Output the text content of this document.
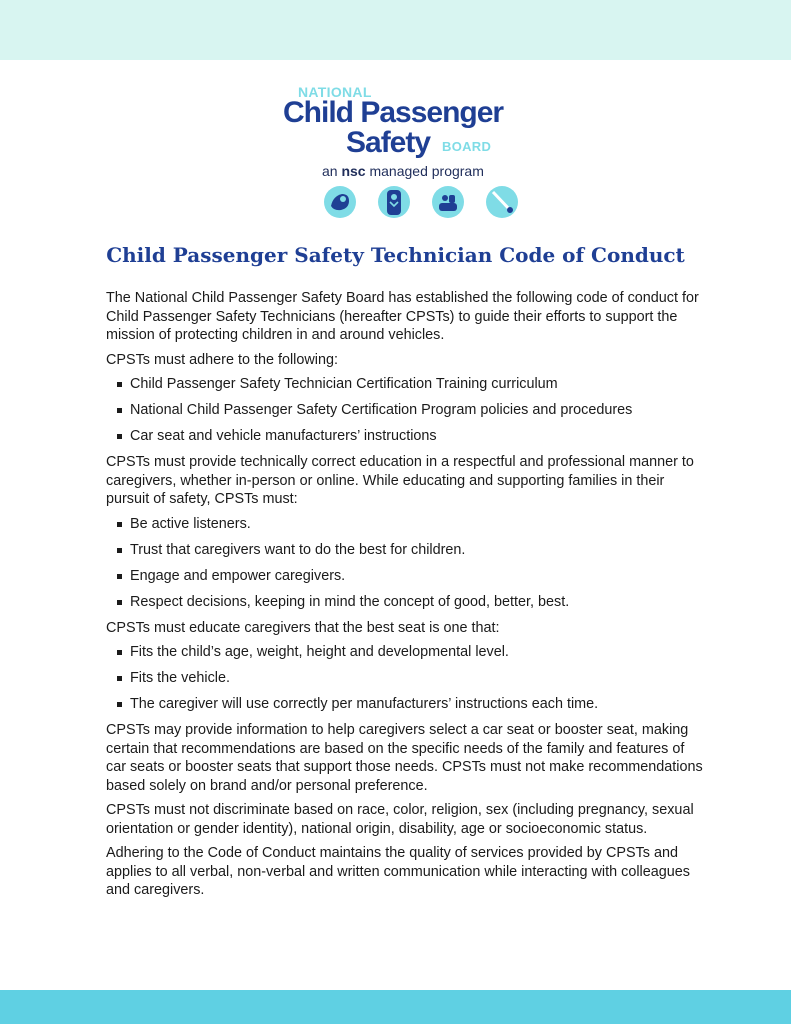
NATIONAL
Child Passenger
Safety BOARD
an nsc managed program
Child Passenger Safety Technician Code of Conduct

The National Child Passenger Safety Board has established the following code of conduct for Child Passenger Safety Technicians (hereafter CPSTs) to guide their efforts to support the mission of protecting children in and around vehicles.

CPSTs must adhere to the following:

Child Passenger Safety Technician Certification Training curriculum
National Child Passenger Safety Certification Program policies and procedures
Car seat and vehicle manufacturers’ instructions

CPSTs must provide technically correct education in a respectful and professional manner to caregivers, whether in-person or online. While educating and supporting families in their pursuit of safety, CPSTs must:

Be active listeners.
Trust that caregivers want to do the best for children.
Engage and empower caregivers.
Respect decisions, keeping in mind the concept of good, better, best.

CPSTs must educate caregivers that the best seat is one that:

Fits the child’s age, weight, height and developmental level.
Fits the vehicle.
The caregiver will use correctly per manufacturers’ instructions each time.

CPSTs may provide information to help caregivers select a car seat or booster seat, making certain that recommendations are based on the specific needs of the family and features of car seats or booster seats that support those needs. CPSTs must not make recommendations based solely on brand and/or personal preference.

CPSTs must not discriminate based on race, color, religion, sex (including pregnancy, sexual orientation or gender identity), national origin, disability, age or socioeconomic status.

Adhering to the Code of Conduct maintains the quality of services provided by CPSTs and applies to all verbal, non-verbal and written communication while interacting with colleagues and caregivers.
